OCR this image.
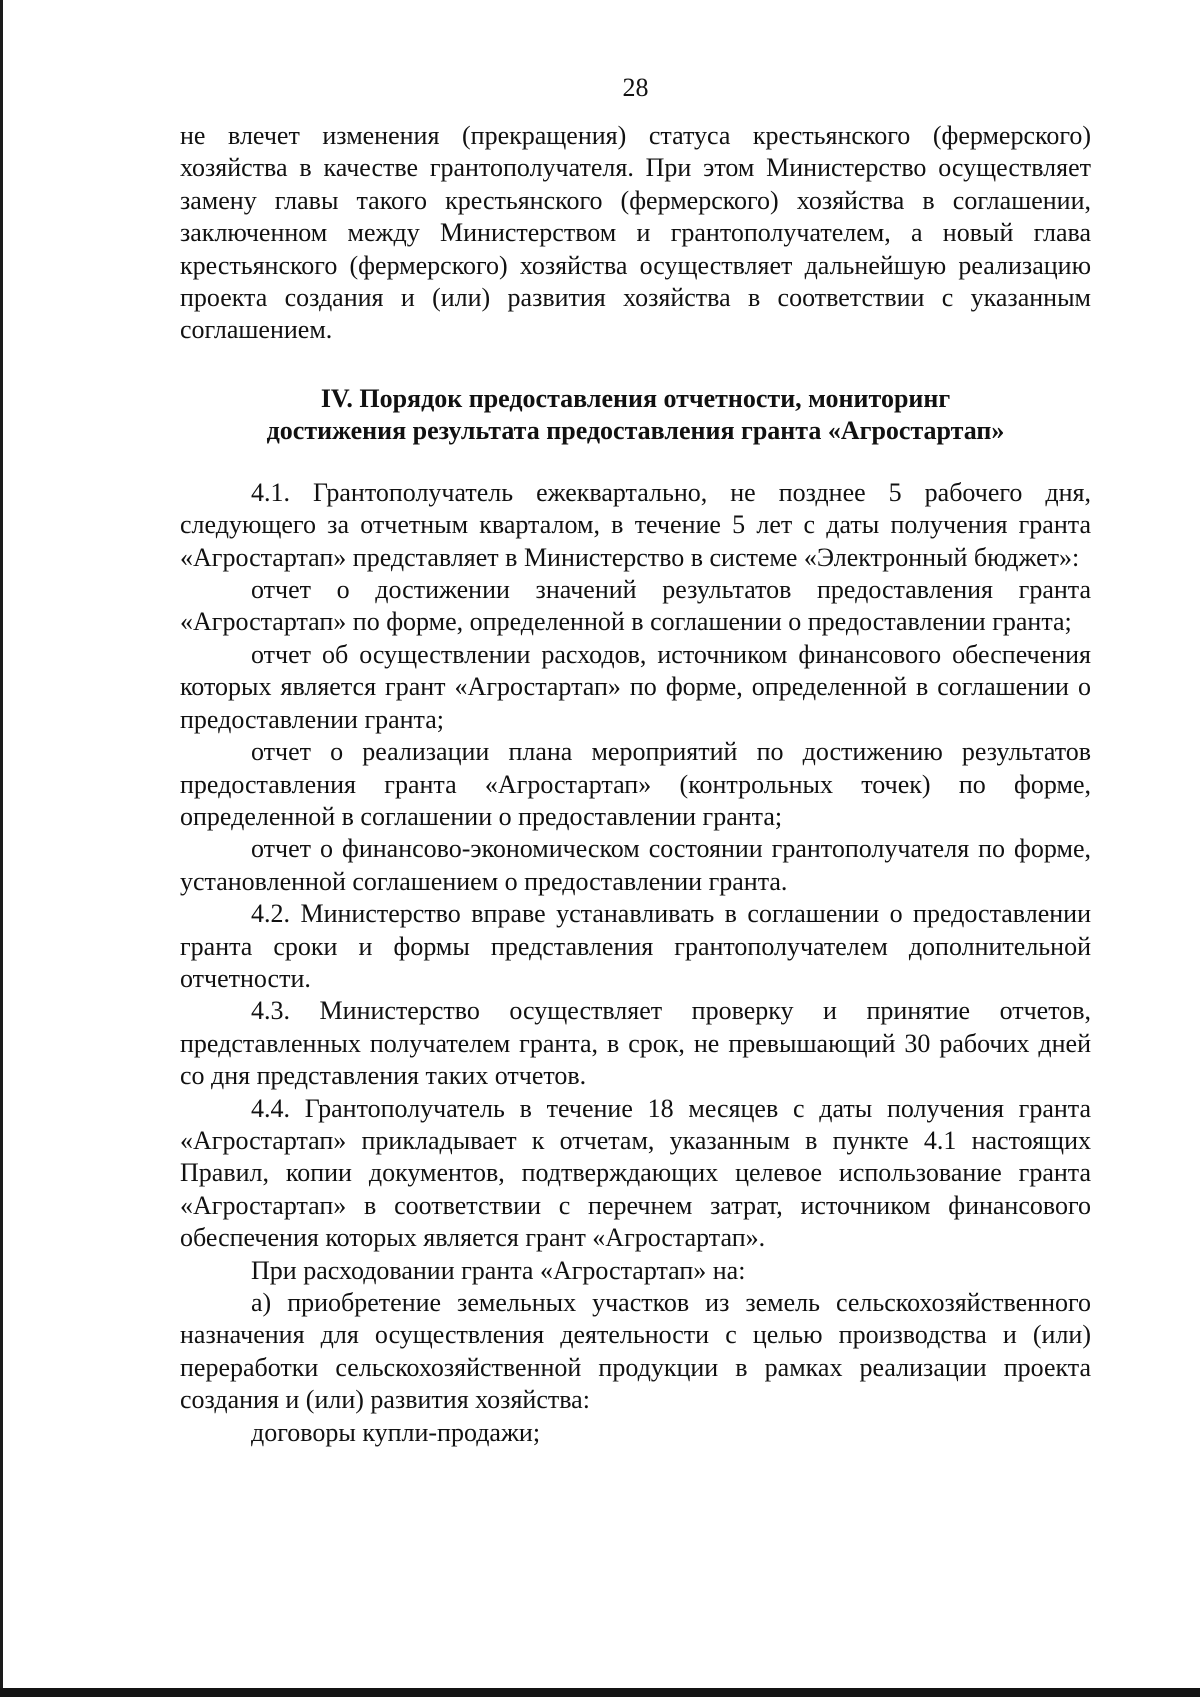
28

не влечет изменения (прекращения) статуса крестьянского (фермерского) хозяйства в качестве грантополучателя. При этом Министерство осуществляет замену главы такого крестьянского (фермерского) хозяйства в соглашении, заключенном между Министерством и грантополучателем, а новый глава крестьянского (фермерского) хозяйства осуществляет дальнейшую реализацию проекта создания и (или) развития хозяйства в соответствии с указанным соглашением.

IV. Порядок предоставления отчетности, мониторинг
достижения результата предоставления гранта «Агростартап»

4.1. Грантополучатель ежеквартально, не позднее 5 рабочего дня, следующего за отчетным кварталом, в течение 5 лет с даты получения гранта «Агростартап» представляет в Министерство в системе «Электронный бюджет»:

отчет о достижении значений результатов предоставления гранта «Агростартап» по форме, определенной в соглашении о предоставлении гранта;

отчет об осуществлении расходов, источником финансового обеспечения которых является грант «Агростартап» по форме, определенной в соглашении о предоставлении гранта;

отчет о реализации плана мероприятий по достижению результатов предоставления гранта «Агростартап» (контрольных точек) по форме, определенной в соглашении о предоставлении гранта;

отчет о финансово-экономическом состоянии грантополучателя по форме, установленной соглашением о предоставлении гранта.

4.2. Министерство вправе устанавливать в соглашении о предоставлении гранта сроки и формы представления грантополучателем дополнительной отчетности.

4.3. Министерство осуществляет проверку и принятие отчетов, представленных получателем гранта, в срок, не превышающий 30 рабочих дней со дня представления таких отчетов.

4.4. Грантополучатель в течение 18 месяцев с даты получения гранта «Агростартап» прикладывает к отчетам, указанным в пункте 4.1 настоящих Правил, копии документов, подтверждающих целевое использование гранта «Агростартап» в соответствии с перечнем затрат, источником финансового обеспечения которых является грант «Агростартап».

При расходовании гранта «Агростартап» на:

а) приобретение земельных участков из земель сельскохозяйственного назначения для осуществления деятельности с целью производства и (или) переработки сельскохозяйственной продукции в рамках реализации проекта создания и (или) развития хозяйства:

договоры купли-продажи;
